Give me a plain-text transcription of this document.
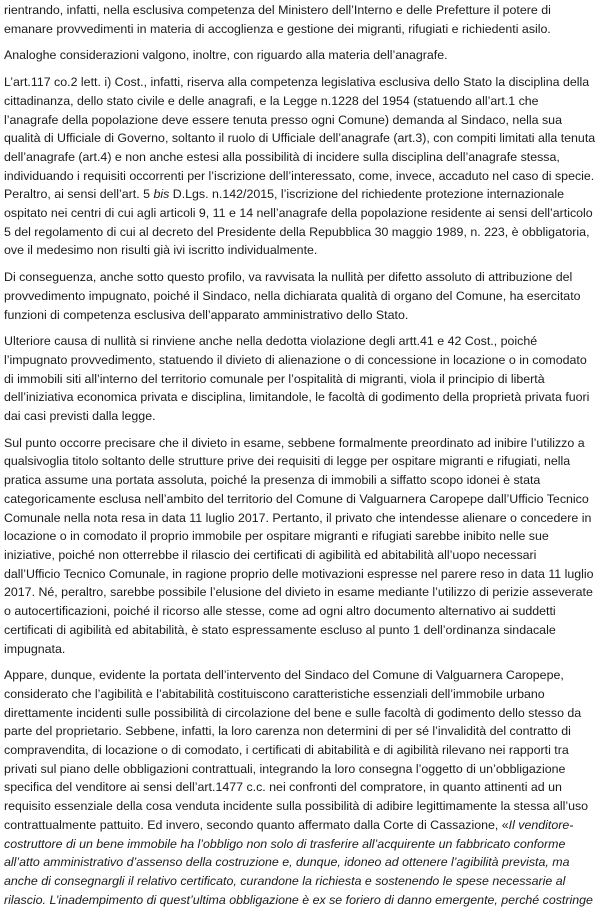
rientrando, infatti, nella esclusiva competenza del Ministero dell’Interno e delle Prefetture il potere di emanare provvedimenti in materia di accoglienza e gestione dei migranti, rifugiati e richiedenti asilo.

Analoghe considerazioni valgono, inoltre, con riguardo alla materia dell’anagrafe.

L’art.117 co.2 lett. i) Cost., infatti, riserva alla competenza legislativa esclusiva dello Stato la disciplina della cittadinanza, dello stato civile e delle anagrafi, e la Legge n.1228 del 1954 (statuendo all’art.1 che l’anagrafe della popolazione deve essere tenuta presso ogni Comune) demanda al Sindaco, nella sua qualità di Ufficiale di Governo, soltanto il ruolo di Ufficiale dell’anagrafe (art.3), con compiti limitati alla tenuta dell’anagrafe (art.4) e non anche estesi alla possibilità di incidere sulla disciplina dell’anagrafe stessa, individuando i requisiti occorrenti per l’iscrizione dell’interessato, come, invece, accaduto nel caso di specie. Peraltro, ai sensi dell’art. 5 bis D.Lgs. n.142/2015, l’iscrizione del richiedente protezione internazionale ospitato nei centri di cui agli articoli 9, 11 e 14 nell’anagrafe della popolazione residente ai sensi dell’articolo 5 del regolamento di cui al decreto del Presidente della Repubblica 30 maggio 1989, n. 223, è obbligatoria, ove il medesimo non risulti già ivi iscritto individualmente.

Di conseguenza, anche sotto questo profilo, va ravvisata la nullità per difetto assoluto di attribuzione del provvedimento impugnato, poiché il Sindaco, nella dichiarata qualità di organo del Comune, ha esercitato funzioni di competenza esclusiva dell’apparato amministrativo dello Stato.

Ulteriore causa di nullità si rinviene anche nella dedotta violazione degli artt.41 e 42 Cost., poiché l’impugnato provvedimento, statuendo il divieto di alienazione o di concessione in locazione o in comodato di immobili siti all’interno del territorio comunale per l’ospitalità di migranti, viola il principio di libertà dell’iniziativa economica privata e disciplina, limitandole, le facoltà di godimento della proprietà privata fuori dai casi previsti dalla legge.

Sul punto occorre precisare che il divieto in esame, sebbene formalmente preordinato ad inibire l’utilizzo a qualsivoglia titolo soltanto delle strutture prive dei requisiti di legge per ospitare migranti e rifugiati, nella pratica assume una portata assoluta, poiché la presenza di immobili a siffatto scopo idonei è stata categoricamente esclusa nell’ambito del territorio del Comune di Valguarnera Caropepe dall’Ufficio Tecnico Comunale nella nota resa in data 11 luglio 2017. Pertanto, il privato che intendesse alienare o concedere in locazione o in comodato il proprio immobile per ospitare migranti e rifugiati sarebbe inibito nelle sue iniziative, poiché non otterrebbe il rilascio dei certificati di agibilità ed abitabilità all’uopo necessari dall’Ufficio Tecnico Comunale, in ragione proprio delle motivazioni espresse nel parere reso in data 11 luglio 2017. Né, peraltro, sarebbe possibile l’elusione del divieto in esame mediante l’utilizzo di perizie asseverate o autocertificazioni, poiché il ricorso alle stesse, come ad ogni altro documento alternativo ai suddetti certificati di agibilità ed abitabilità, è stato espressamente escluso al punto 1 dell’ordinanza sindacale impugnata.

Appare, dunque, evidente la portata dell’intervento del Sindaco del Comune di Valguarnera Caropepe, considerato che l’agibilità e l’abitabilità costituiscono caratteristiche essenziali dell’immobile urbano direttamente incidenti sulle possibilità di circolazione del bene e sulle facoltà di godimento dello stesso da parte del proprietario. Sebbene, infatti, la loro carenza non determini di per sé l’invalidità del contratto di compravendita, di locazione o di comodato, i certificati di abitabilità e di agibilità rilevano nei rapporti tra privati sul piano delle obbligazioni contrattuali, integrando la loro consegna l’oggetto di un’obbligazione specifica del venditore ai sensi dell’art.1477 c.c. nei confronti del compratore, in quanto attinenti ad un requisito essenziale della cosa venduta incidente sulla possibilità di adibire legittimamente la stessa all’uso contrattualmente pattuito. Ed invero, secondo quanto affermato dalla Corte di Cassazione, «Il venditore-costruttore di un bene immobile ha l’obbligo non solo di trasferire all’acquirente un fabbricato conforme all’atto amministrativo d’assenso della costruzione e, dunque, idoneo ad ottenere l’agibilità prevista, ma anche di consegnargli il relativo certificato, curandone la richiesta e sostenendo le spese necessarie al rilascio. L’inadempimento di quest’ultima obbligazione è ex se foriero di danno emergente, perché costringe
